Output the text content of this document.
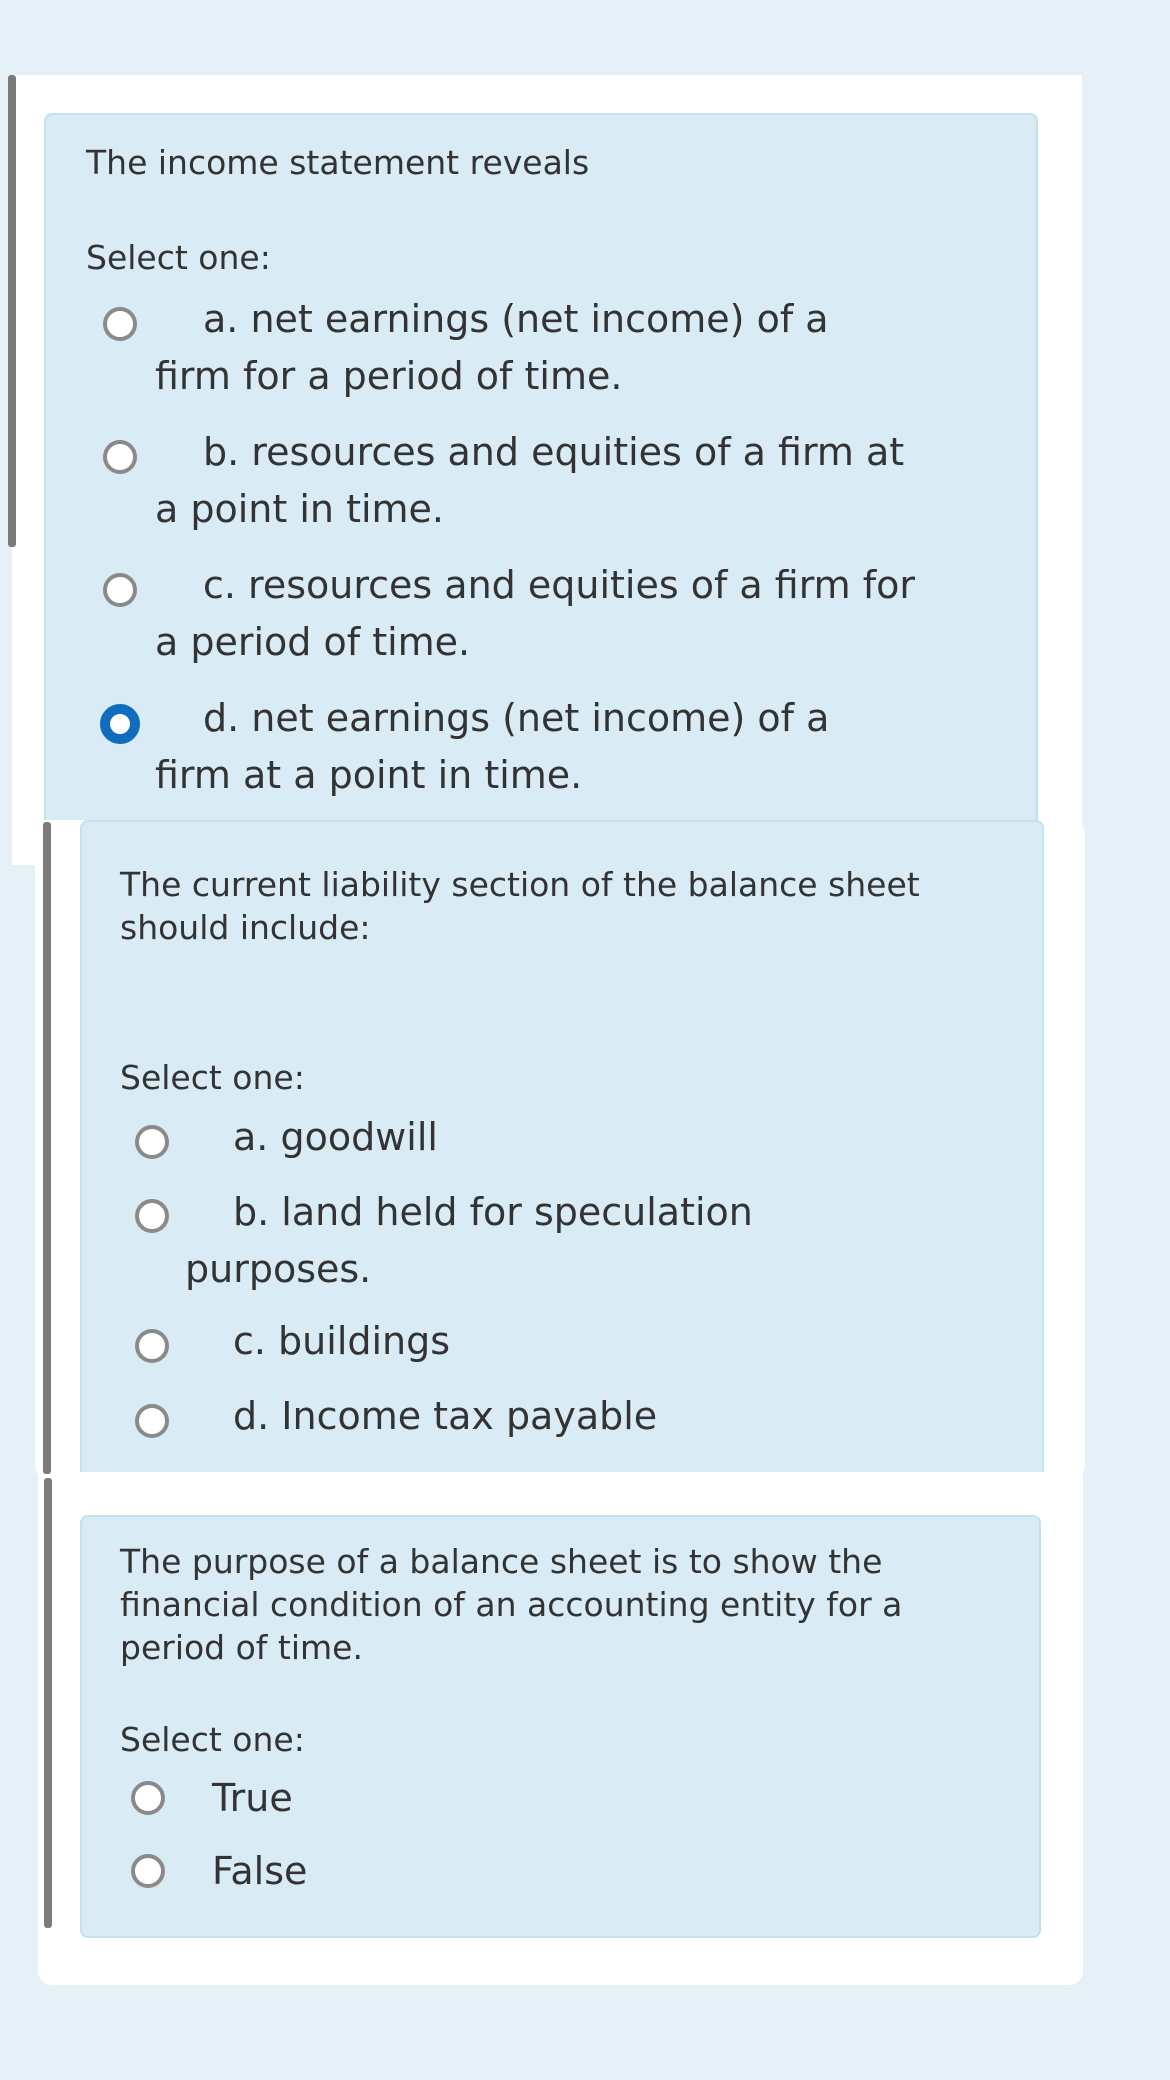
The income statement reveals
Select one:
a. net earnings (net income) of a
firm for a period of time.
b. resources and equities of a firm at
a point in time.
c. resources and equities of a firm for
a period of time.
d. net earnings (net income) of a
firm at a point in time.
The current liability section of the balance sheet
should include:
Select one:
a. goodwill
b. land held for speculation
purposes.
c. buildings
d. Income tax payable
The purpose of a balance sheet is to show the
financial condition of an accounting entity for a
period of time.
Select one:
True
False
